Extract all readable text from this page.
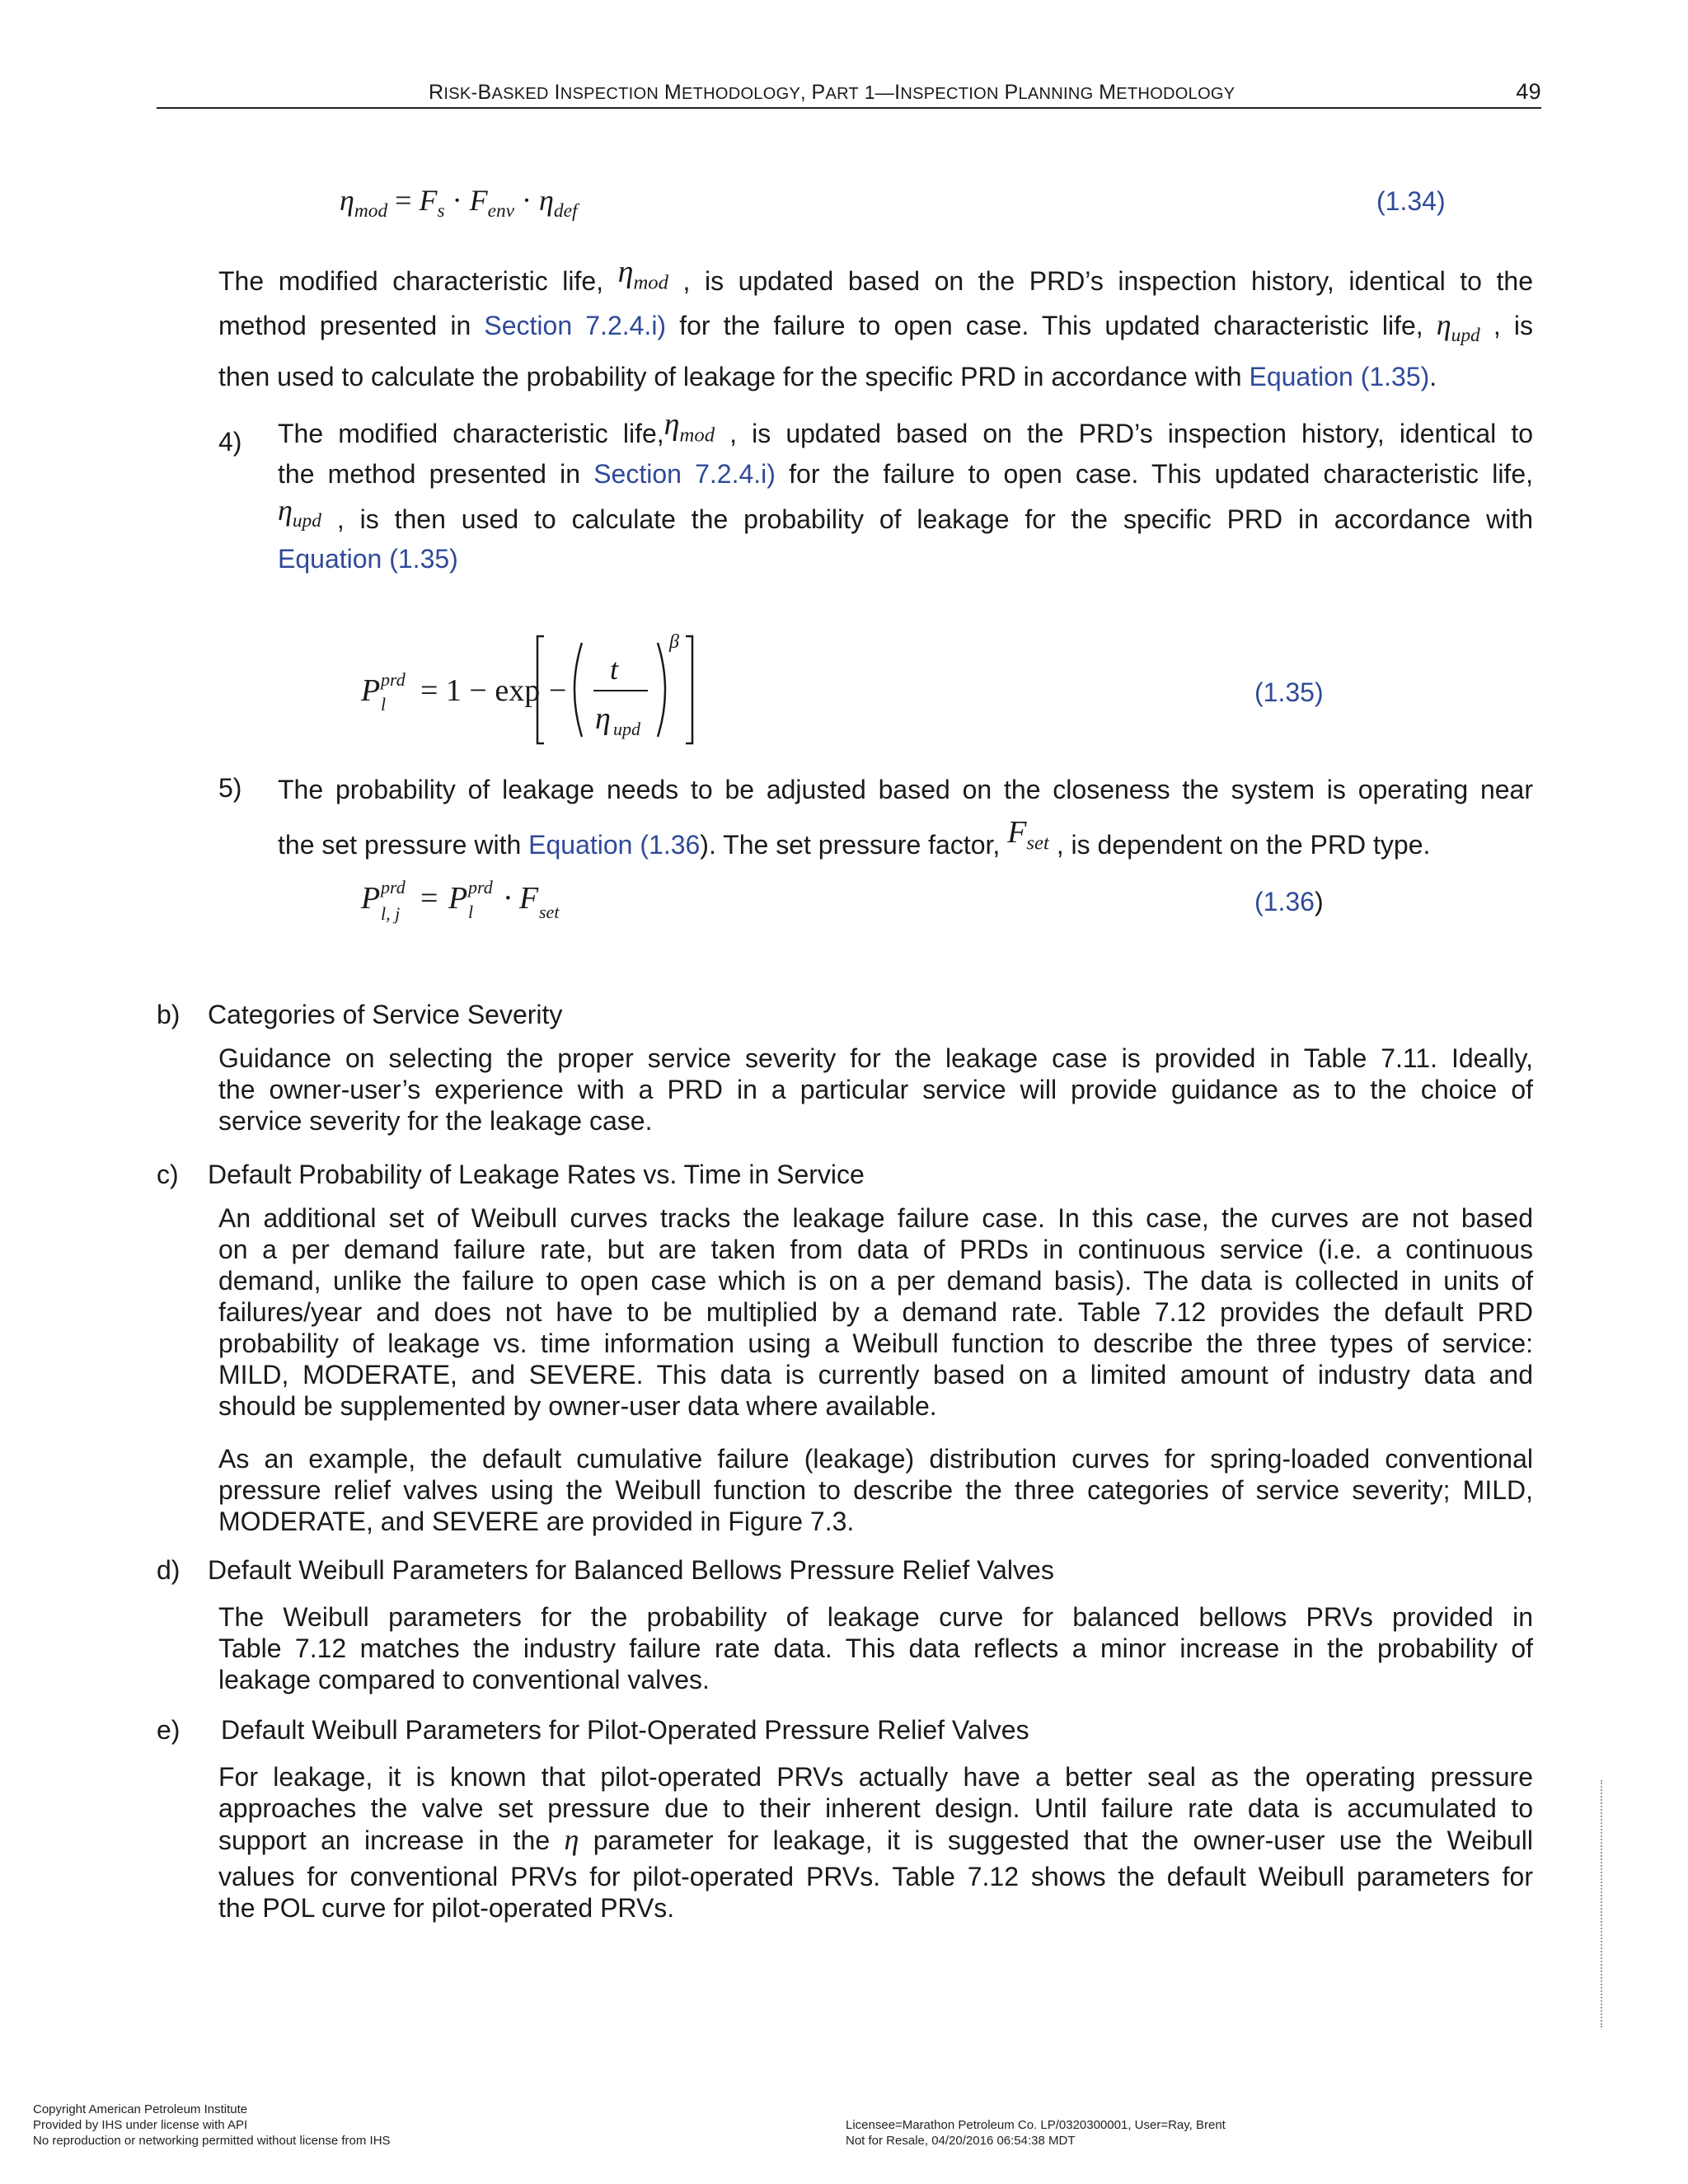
RISK-BASKED INSPECTION METHODOLOGY, PART 1—INSPECTION PLANNING METHODOLOGY	49
$\eta_{mod} = F_s \cdot F_{env} \cdot \eta_{def}$	(1.34)
The modified characteristic life, $\eta_{mod}$ , is updated based on the PRD’s inspection history, identical to the
method presented in Section 7.2.4.i) for the failure to open case. This updated characteristic life, $\eta_{upd}$ , is
then used to calculate the probability of leakage for the specific PRD in accordance with Equation (1.35).
4) The modified characteristic $life,\eta_{mod}$ , is updated based on the PRD’s inspection history, identical to
the method presented in Section 7.2.4.i) for the failure to open case. This updated characteristic life,
$\eta_{upd}$ , is then used to calculate the probability of leakage for the specific PRD in accordance with
Equation (1.35)
P prd
l = 1 − exp −
t
η upd
β
(1.35)
5) The probability of leakage needs to be adjusted based on the closeness the system is operating near
the set pressure with Equation (1.36). The set pressure factor, $F_{set}$ , is dependent on the PRD type.
P prd
l, j = P prd
l · F set	(1.36)
b) Categories of Service Severity
Guidance on selecting the proper service severity for the leakage case is provided in Table 7.11. Ideally,
the owner-user’s experience with a PRD in a particular service will provide guidance as to the choice of
service severity for the leakage case.
c) Default Probability of Leakage Rates vs. Time in Service
An additional set of Weibull curves tracks the leakage failure case. In this case, the curves are not based
on a per demand failure rate, but are taken from data of PRDs in continuous service (i.e. a continuous
demand, unlike the failure to open case which is on a per demand basis). The data is collected in units of
failures/year and does not have to be multiplied by a demand rate. Table 7.12 provides the default PRD
probability of leakage vs. time information using a Weibull function to describe the three types of service:
MILD, MODERATE, and SEVERE. This data is currently based on a limited amount of industry data and
should be supplemented by owner-user data where available.
As an example, the default cumulative failure (leakage) distribution curves for spring-loaded conventional
pressure relief valves using the Weibull function to describe the three categories of service severity; MILD,
MODERATE, and SEVERE are provided in Figure 7.3.
d) Default Weibull Parameters for Balanced Bellows Pressure Relief Valves
The Weibull parameters for the probability of leakage curve for balanced bellows PRVs provided in
Table 7.12 matches the industry failure rate data. This data reflects a minor increase in the probability of
leakage compared to conventional valves.
e) Default Weibull Parameters for Pilot-Operated Pressure Relief Valves
For leakage, it is known that pilot-operated PRVs actually have a better seal as the operating pressure
approaches the valve set pressure due to their inherent design. Until failure rate data is accumulated to
support an increase in the η parameter for leakage, it is suggested that the owner-user use the Weibull
values for conventional PRVs for pilot-operated PRVs. Table 7.12 shows the default Weibull parameters for
the POL curve for pilot-operated PRVs.
Copyright American Petroleum Institute
Provided by IHS under license with API
No reproduction or networking permitted without license from IHS
Licensee=Marathon Petroleum Co. LP/0320300001, User=Ray, Brent
Not for Resale, 04/20/2016 06:54:38 MDT
